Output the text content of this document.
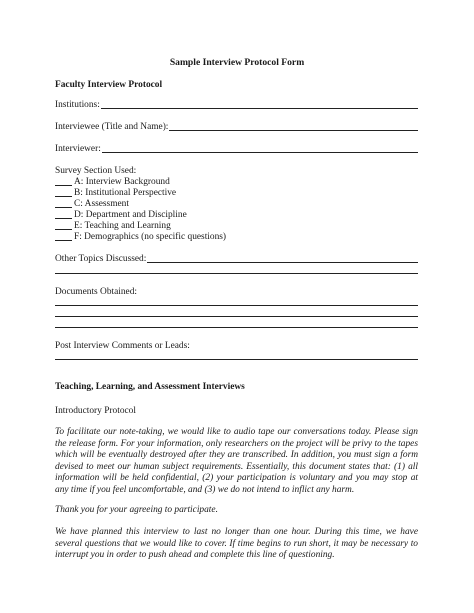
Sample Interview Protocol Form
Faculty Interview Protocol
Institutions:
Interviewee (Title and Name):
Interviewer:
Survey Section Used:
A: Interview Background
B: Institutional Perspective
C: Assessment
D: Department and Discipline
E: Teaching and Learning
F: Demographics (no specific questions)
Other Topics Discussed:
Documents Obtained:
Post Interview Comments or Leads:
Teaching, Learning, and Assessment Interviews
Introductory Protocol
To facilitate our note-taking, we would like to audio tape our conversations today. Please sign the release form. For your information, only researchers on the project will be privy to the tapes which will be eventually destroyed after they are transcribed. In addition, you must sign a form devised to meet our human subject requirements. Essentially, this document states that: (1) all information will be held confidential, (2) your participation is voluntary and you may stop at any time if you feel uncomfortable, and (3) we do not intend to inflict any harm.
Thank you for your agreeing to participate.
We have planned this interview to last no longer than one hour. During this time, we have several questions that we would like to cover. If time begins to run short, it may be necessary to interrupt you in order to push ahead and complete this line of questioning.
